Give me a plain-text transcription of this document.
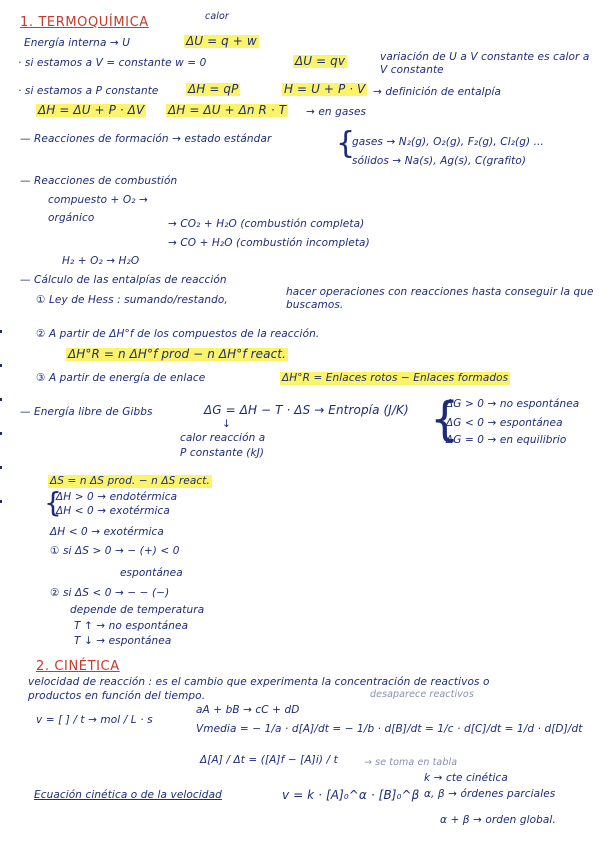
1. TERMOQUÍMICA	calor
Energía interna → U	ΔU = q + w
· si estamos a V = constante w = 0	ΔU = qv	variación de U a V constante es calor a V constante
· si estamos a P constante ΔH = qP	H = U + P · V → definición de entalpía
ΔH = ΔU + P · ΔV ΔH = ΔU + Δn R · T → en gases
— Reacciones de formación → estado estándar {
gases → N₂(g), O₂(g), F₂(g), Cl₂(g) ...
sólidos → Na(s), Ag(s), C(grafito)
— Reacciones de combustión
compuesto + O₂ →
orgánico	→ CO₂ + H₂O (combustión completa)
→ CO + H₂O (combustión incompleta)
H₂ + O₂ → H₂O
— Cálculo de las entalpías de reacción
① Ley de Hess : sumando/restando,
hacer operaciones con reacciones hasta conseguir la que buscamos.
② A partir de ΔH°f de los compuestos de la reacción.
ΔH°R = n ΔH°f prod − n ΔH°f react.
③ A partir de energía de enlace	ΔH°R = Enlaces rotos − Enlaces formados
— Energía libre de Gibbs	ΔG = ΔH − T · ΔS → Entropía (J/K)
↓
calor reacción a
P constante (kJ)
{
ΔG > 0 → no espontánea
ΔG < 0 → espontánea
ΔG = 0 → en equilibrio
ΔS = n ΔS prod. − n ΔS react.
{
ΔH > 0 → endotérmica
ΔH < 0 → exotérmica
ΔH < 0 → exotérmica
① si ΔS > 0 → − (+) < 0
espontánea
② si ΔS < 0 → − − (−)
depende de temperatura
T ↑ → no espontánea
T ↓ → espontánea
2. CINÉTICA
velocidad de reacción : es el cambio que experimenta la concentración de reactivos o
productos en función del tiempo.	desaparece reactivos
v = [ ] / t → mol / L · s
aA + bB → cC + dD
Vmedia = − 1/a · d[A]/dt = − 1/b · d[B]/dt = 1/c · d[C]/dt = 1/d · d[D]/dt
Δ[A] / Δt = ([A]f − [A]i) / t	→ se toma en tabla
Ecuación cinética o de la velocidad	v = k · [A]₀^α · [B]₀^β
k → cte cinética
α, β → órdenes parciales
α + β → orden global.
